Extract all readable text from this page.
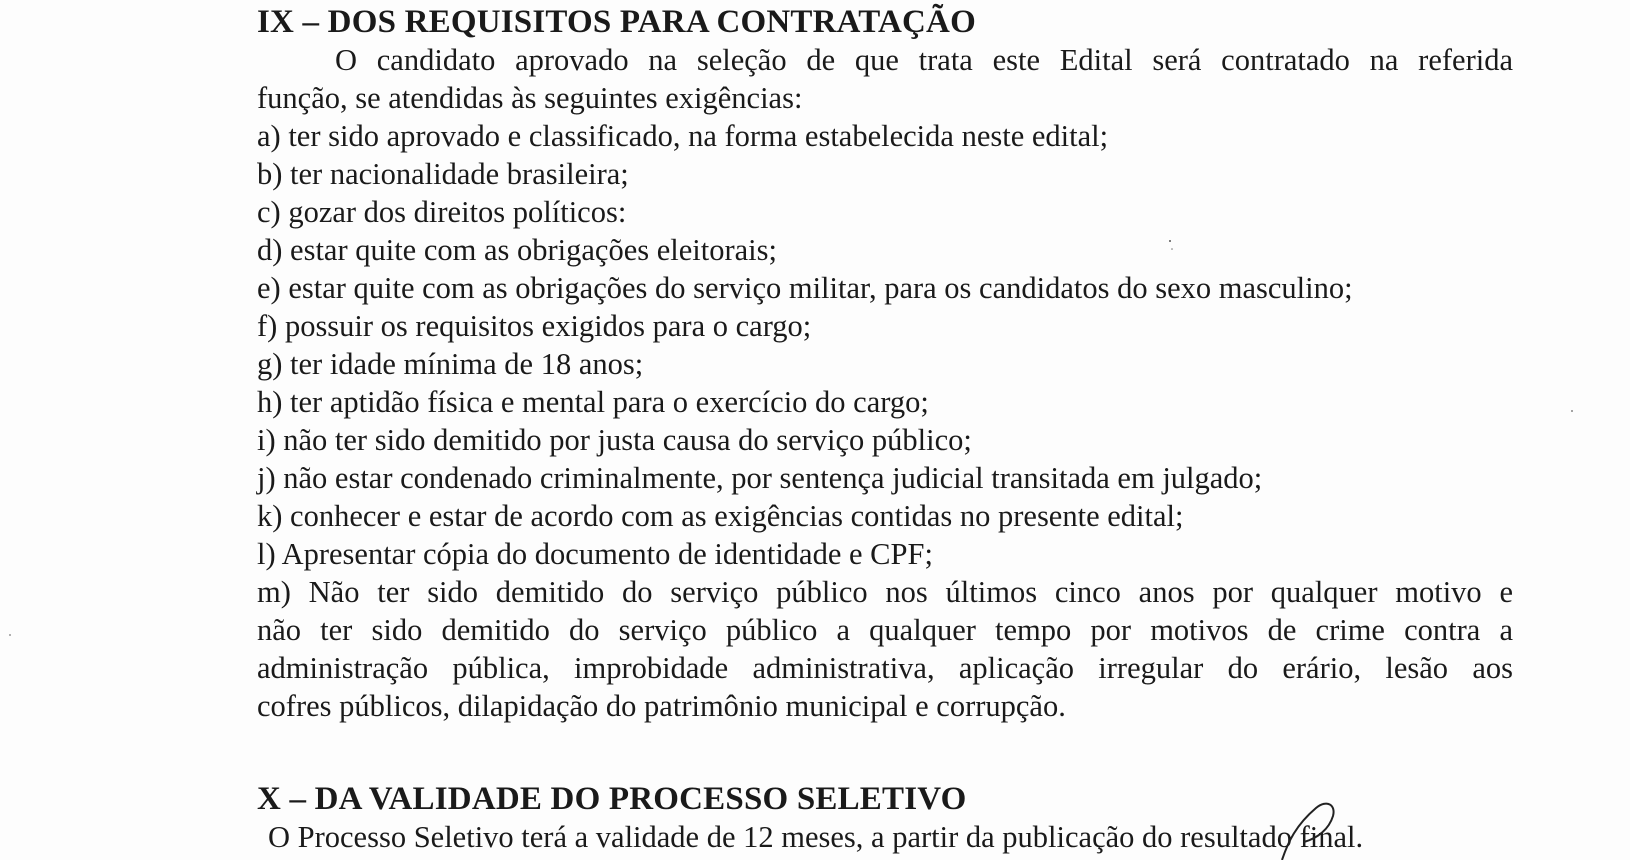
IX – DOS REQUISITOS PARA CONTRATAÇÃO
O candidato aprovado na seleção de que trata este Edital será contratado na referida
função, se atendidas às seguintes exigências:
a) ter sido aprovado e classificado, na forma estabelecida neste edital;
b) ter nacionalidade brasileira;
c) gozar dos direitos políticos:
d) estar quite com as obrigações eleitorais;
e) estar quite com as obrigações do serviço militar, para os candidatos do sexo masculino;
f) possuir os requisitos exigidos para o cargo;
g) ter idade mínima de 18 anos;
h) ter aptidão física e mental para o exercício do cargo;
i) não ter sido demitido por justa causa do serviço público;
j) não estar condenado criminalmente, por sentença judicial transitada em julgado;
k) conhecer e estar de acordo com as exigências contidas no presente edital;
l) Apresentar cópia do documento de identidade e CPF;
m) Não ter sido demitido do serviço público nos últimos cinco anos por qualquer motivo e
não ter sido demitido do serviço público a qualquer tempo por motivos de crime contra a
administração pública, improbidade administrativa, aplicação irregular do erário, lesão aos
cofres públicos, dilapidação do patrimônio municipal e corrupção.
X – DA VALIDADE DO PROCESSO SELETIVO
O Processo Seletivo terá a validade de 12 meses, a partir da publicação do resultado final.
